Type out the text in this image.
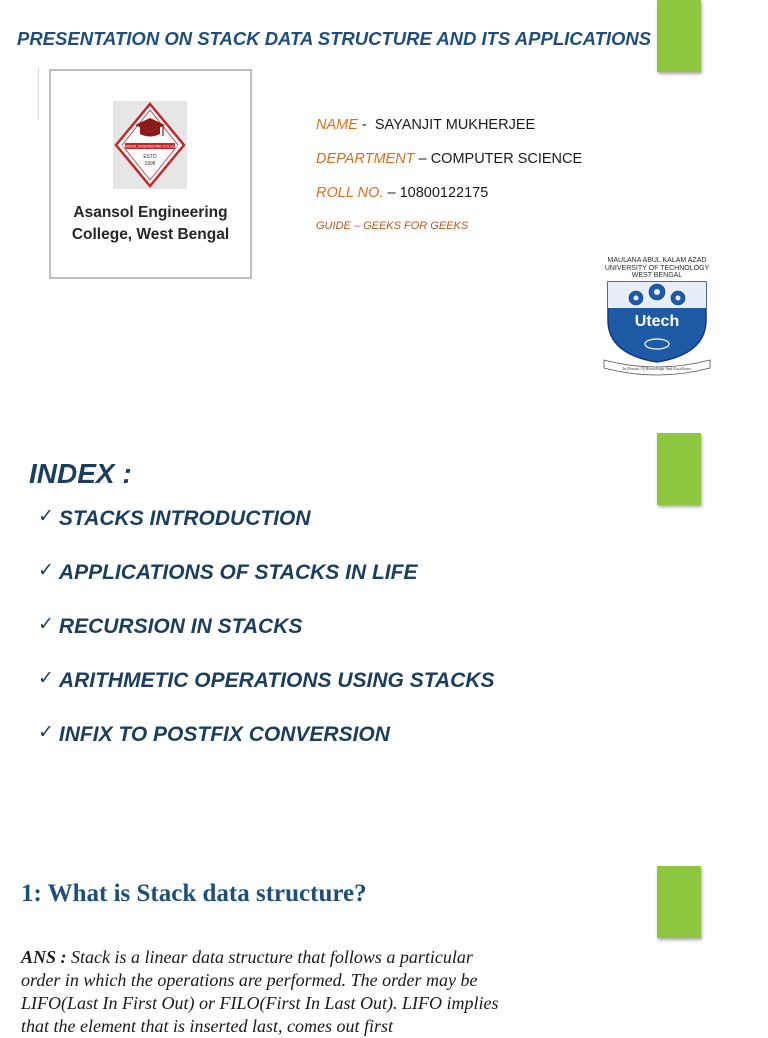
PRESENTATION ON STACK DATA STRUCTURE AND ITS APPLICATIONS
ASANSOL ENGINEERING COLLEGE
ESTD
1998
Asansol Engineering
College, West Bengal
NAME -  SAYANJIT MUKHERJEE
DEPARTMENT – COMPUTER SCIENCE
ROLL NO. – 10800122175
GUIDE – GEEKS FOR GEEKS
Utech
In Pursuit Of Knowledge And Excellence
MAULANA ABUL KALAM AZAD
UNIVERSITY OF TECHNOLOGY
WEST BENGAL
INDEX :
✓ STACKS INTRODUCTION
✓ APPLICATIONS OF STACKS IN LIFE
✓ RECURSION IN STACKS
✓ ARITHMETIC OPERATIONS USING STACKS
✓ INFIX TO POSTFIX CONVERSION
1: What is Stack data structure?

ANS : Stack is a linear data structure that follows a particular order in which the operations are performed. The order may be LIFO(Last In First Out) or FILO(First In Last Out). LIFO implies that the element that is inserted last, comes out first
